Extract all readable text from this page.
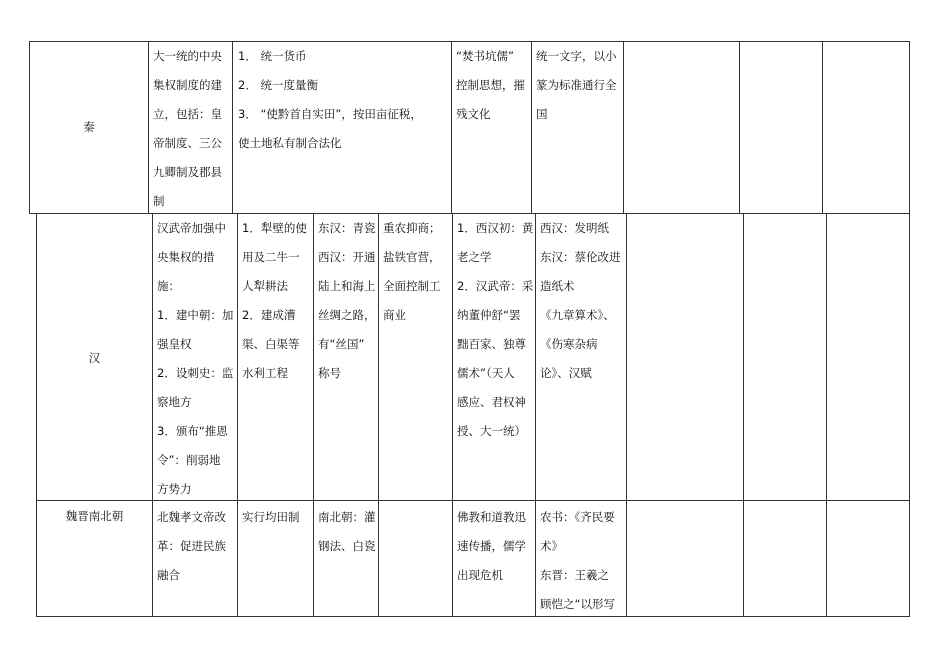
秦
大一统的中央
集权制度的建
立，包括：皇
帝制度、三公
九卿制及郡县
制
1． 统一货币
2． 统一度量衡
3． “使黔首自实田”，按田亩征税，
使土地私有制合法化
“焚书坑儒”
控制思想，摧
残文化
统一文字，以小
篆为标准通行全
国
汉
汉武帝加强中
央集权的措
施：
1．建中朝：加
强皇权
2．设刺史：监
察地方
3．颁布“推恩
令”：削弱地
方势力
1．犁壁的使
用及二牛一
人犁耕法
2．建成漕
渠、白渠等
水利工程
东汉：青瓷
西汉：开通
陆上和海上
丝绸之路，
有“丝国”
称号
重农抑商；
盐铁官营，
全面控制工
商业
1．西汉初：黄
老之学
2．汉武帝：采
纳董仲舒“罢
黜百家、独尊
儒术”（天人
感应、君权神
授、大一统）
西汉：发明纸
东汉：蔡伦改进
造纸术
《九章算术》、
《伤寒杂病
论》、汉赋
魏晋南北朝	北魏孝文帝改
革：促进民族
融合
实行均田制	南北朝：灌
钢法、白瓷
佛教和道教迅
速传播，儒学
出现危机
农书：《齐民要
术》
东晋：王羲之
顾恺之“以形写
